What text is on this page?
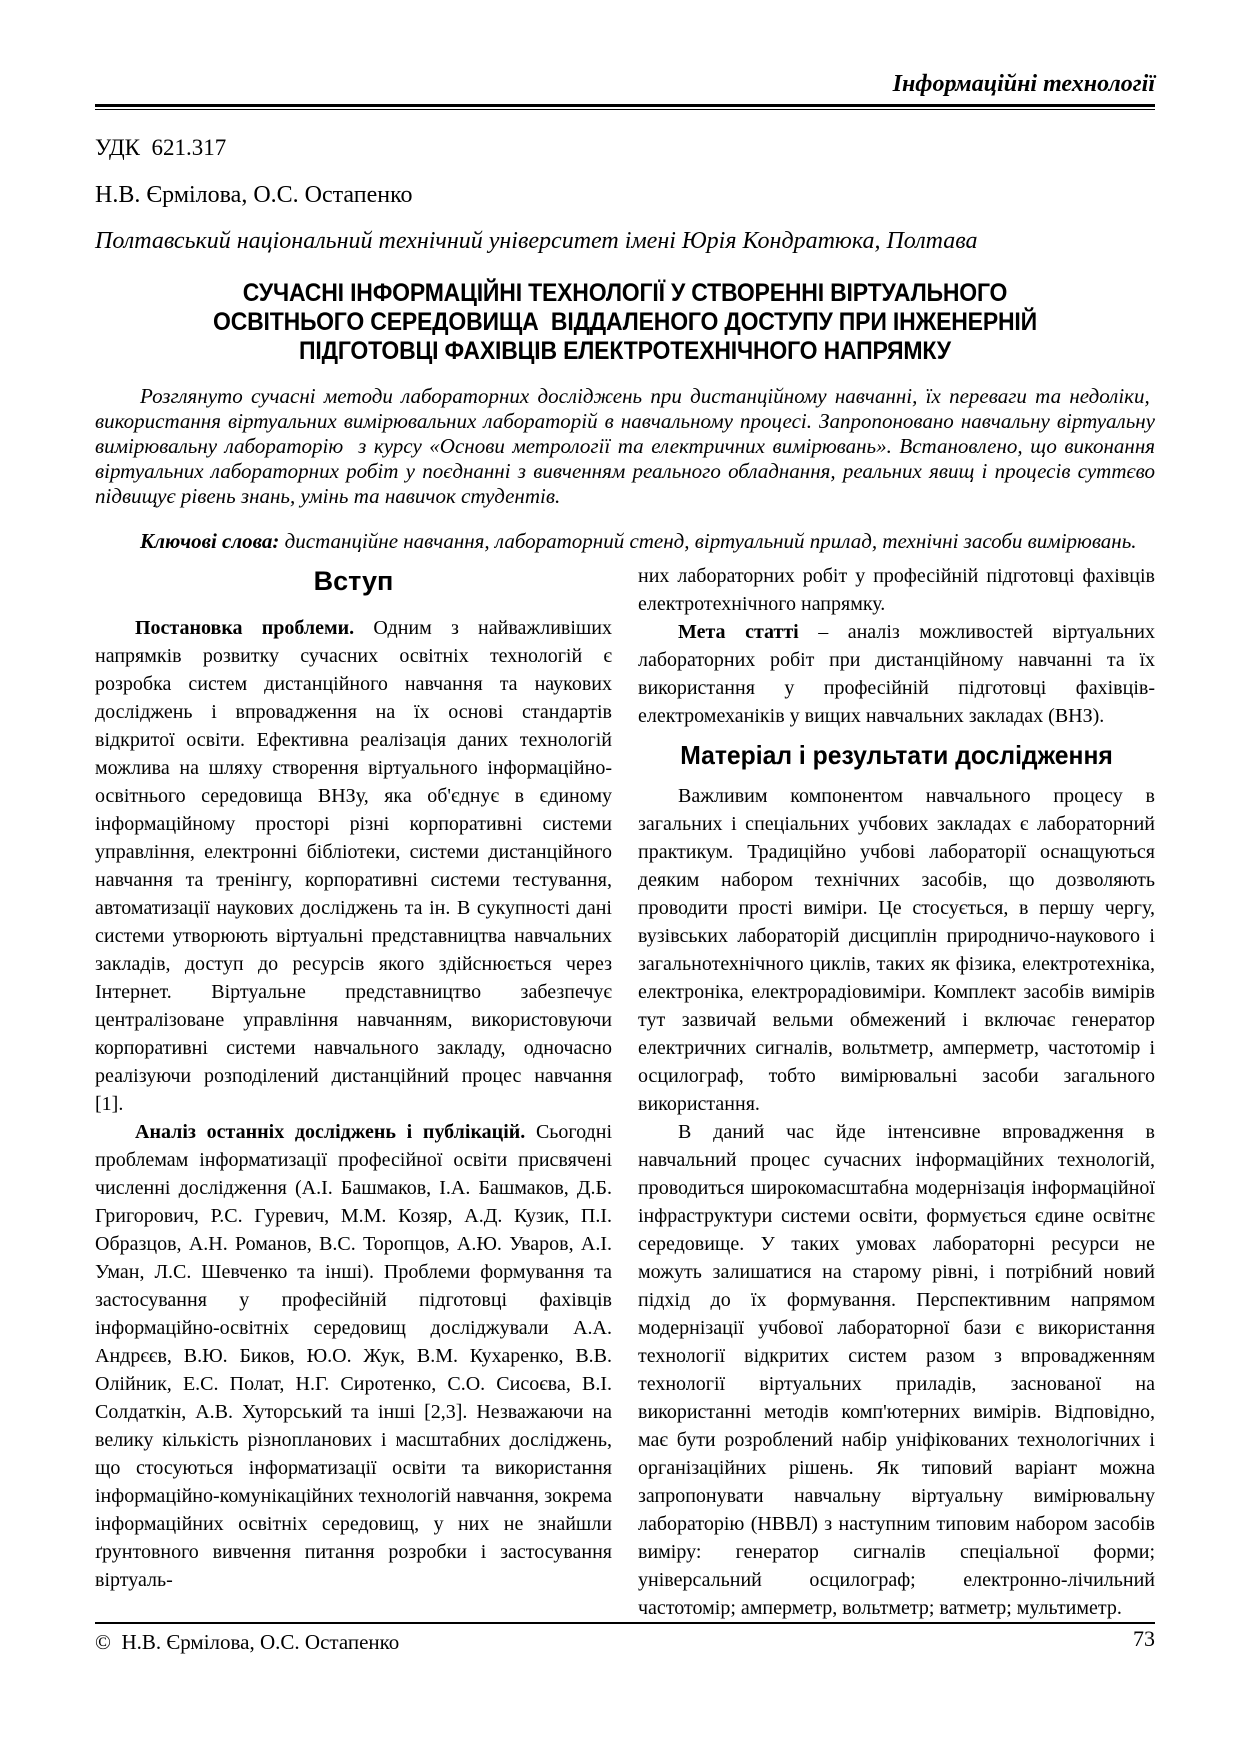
Інформаційні технології
УДК  621.317
Н.В. Єрмілова, О.С. Остапенко
Полтавський національний технічний університет імені Юрія Кондратюка, Полтава
СУЧАСНІ ІНФОРМАЦІЙНІ ТЕХНОЛОГІЇ У СТВОРЕННІ ВІРТУАЛЬНОГО
ОСВІТНЬОГО СЕРЕДОВИЩА  ВІДДАЛЕНОГО ДОСТУПУ ПРИ ІНЖЕНЕРНІЙ
ПІДГОТОВЦІ ФАХІВЦІВ ЕЛЕКТРОТЕХНІЧНОГО НАПРЯМКУ

Розглянуто сучасні методи лабораторних досліджень при дистанційному навчанні, їх переваги та недоліки,  використання віртуальних вимірювальних лабораторій в навчальному процесі. Запропоновано навчальну віртуальну вимірювальну лабораторію  з курсу «Основи метрології та електричних вимірювань». Встановлено, що виконання віртуальних лабораторних робіт у поєднанні з вивченням реального обладнання, реальних явищ і процесів суттєво підвищує рівень знань, умінь та навичок студентів.

Ключові слова: дистанційне навчання, лабораторний стенд, віртуальний прилад, технічні засоби вимірювань.

Вступ

Постановка проблеми. Одним з найважливіших напрямків розвитку сучасних освітніх технологій є розробка систем дистанційного навчання та наукових досліджень і впровадження на їх основі стандартів відкритої освіти. Ефективна реалізація даних технологій можлива на шляху створення віртуального інформаційно-освітнього середовища ВНЗу, яка об'єднує в єдиному інформаційному просторі різні корпоративні системи управління, електронні бібліотеки, системи дистанційного навчання та тренінгу, корпоративні системи тестування, автоматизації наукових досліджень та ін. В сукупності дані системи утворюють віртуальні представництва навчальних закладів, доступ до ресурсів якого здійснюється через Інтернет. Віртуальне представництво забезпечує централізоване управління навчанням, використовуючи корпоративні системи навчального закладу, одночасно реалізуючи розподілений дистанційний процес навчання [1].

Аналіз останніх досліджень і публікацій. Сьогодні проблемам інформатизації професійної освіти присвячені численні дослідження (А.І. Башмаков, І.А. Башмаков, Д.Б. Григорович, Р.С. Гуревич, М.М. Козяр, А.Д. Кузик, П.І. Образцов, А.Н. Романов, В.С. Торопцов, А.Ю. Уваров, А.І. Уман, Л.С. Шевченко та інші). Проблеми формування та застосування у професійній підготовці фахівців інформаційно-освітніх середовищ досліджували А.А. Андрєєв, В.Ю. Биков, Ю.О. Жук, В.М. Кухаренко, В.В. Олійник, Е.С. Полат, Н.Г. Сиротенко, С.О. Сисоєва, В.І. Солдаткін, А.В. Хуторський та інші [2,3]. Незважаючи на велику кількість різнопланових і масштабних досліджень, що стосуються інформатизації освіти та використання інформаційно-комунікаційних технологій навчання, зокрема інформаційних освітніх середовищ, у них не знайшли ґрунтовного вивчення питання розробки і застосування віртуаль-

них лабораторних робіт у професійній підготовці фахівців електротехнічного напрямку.

Мета статті – аналіз можливостей віртуальних лабораторних робіт при дистанційному навчанні та їх використання у професійній підготовці фахівців-електромеханіків у вищих навчальних закладах (ВНЗ).

Матеріал і результати дослідження

Важливим компонентом навчального процесу в загальних і спеціальних учбових закладах є лабораторний практикум. Традиційно учбові лабораторії оснащуються деяким набором технічних засобів, що дозволяють проводити прості виміри. Це стосується, в першу чергу, вузівських лабораторій дисциплін природничо-наукового і загальнотехнічного циклів, таких як фізика, електротехніка, електроніка, електрорадіовиміри. Комплект засобів вимірів тут зазвичай вельми обмежений і включає генератор електричних сигналів, вольтметр, амперметр, частотомір і осцилограф, тобто вимірювальні засоби загального використання.

В даний час йде інтенсивне впровадження в навчальний процес сучасних інформаційних технологій, проводиться широкомасштабна модернізація інформаційної інфраструктури системи освіти, формується єдине освітнє середовище. У таких умовах лабораторні ресурси не можуть залишатися на старому рівні, і потрібний новий підхід до їх формування. Перспективним напрямом модернізації учбової лабораторної бази є використання технології відкритих систем разом з впровадженням технології віртуальних приладів, заснованої на використанні методів комп'ютерних вимірів. Відповідно, має бути розроблений набір уніфікованих технологічних і організаційних рішень. Як типовий варіант можна запропонувати навчальну віртуальну вимірювальну лабораторію (НВВЛ) з наступним типовим набором засобів виміру: генератор сигналів спеціальної форми; універсальний осцилограф; електронно-лічильний частотомір; амперметр, вольтметр; ватметр; мультиметр.

©  Н.В. Єрмілова, О.С. Остапенко	73
